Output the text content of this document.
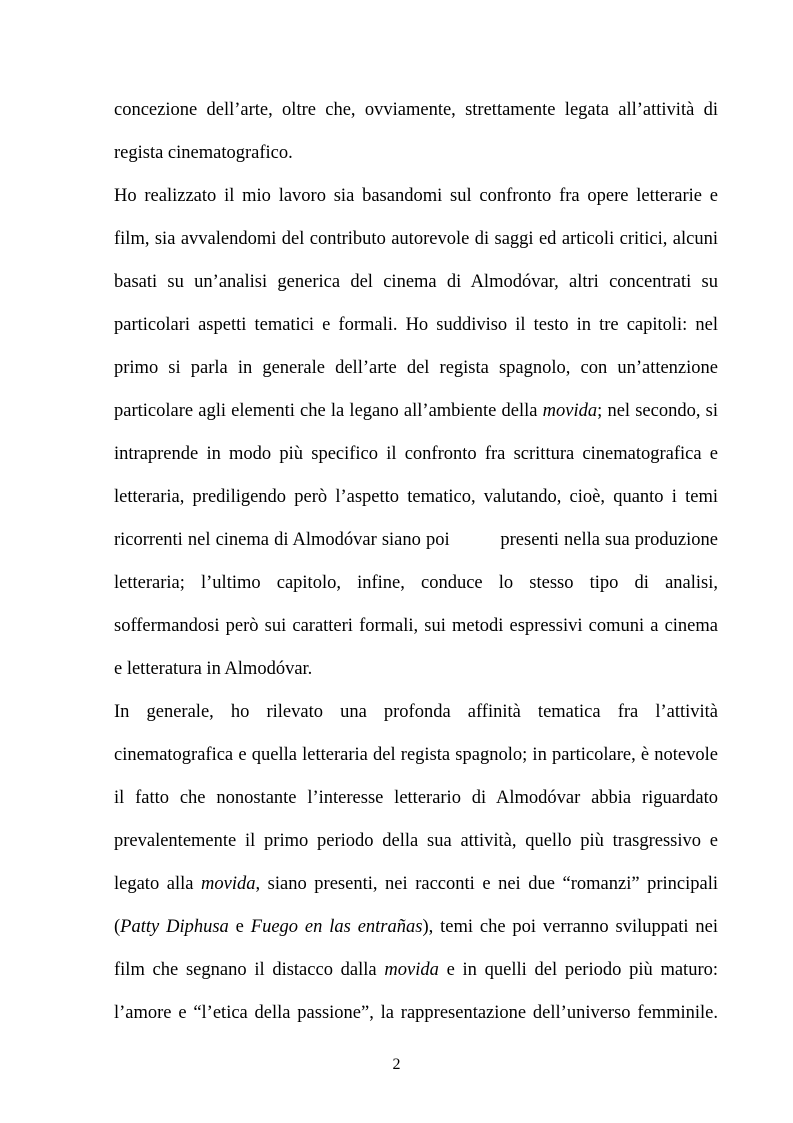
concezione dell’arte, oltre che, ovviamente, strettamente legata all’attività di
regista cinematografico.
Ho realizzato il mio lavoro sia basandomi sul confronto fra opere letterarie e
film, sia avvalendomi del contributo autorevole di saggi ed articoli critici, alcuni
basati su un’analisi generica del cinema di Almodóvar, altri concentrati su
particolari aspetti tematici e formali. Ho suddiviso il testo in tre capitoli: nel
primo si parla in generale dell’arte del regista spagnolo, con un’attenzione
particolare agli elementi che la legano all’ambiente della movida; nel secondo, si
intraprende in modo più specifico il confronto fra scrittura cinematografica e
letteraria, prediligendo però l’aspetto tematico, valutando, cioè, quanto i temi
ricorrenti nel cinema di Almodóvar siano poi          presenti nella sua produzione
letteraria; l’ultimo capitolo, infine, conduce lo stesso tipo di analisi,
soffermandosi però sui caratteri formali, sui metodi espressivi comuni a cinema
e letteratura in Almodóvar.
In generale, ho rilevato una profonda affinità tematica fra l’attività
cinematografica e quella letteraria del regista spagnolo; in particolare, è notevole
il fatto che nonostante l’interesse letterario di Almodóvar abbia riguardato
prevalentemente il primo periodo della sua attività, quello più trasgressivo e
legato alla movida, siano presenti, nei racconti e nei due “romanzi” principali
(Patty Diphusa e Fuego en las entrañas), temi che poi verranno sviluppati nei
film che segnano il distacco dalla movida e in quelli del periodo più maturo:
l’amore e “l’etica della passione”, la rappresentazione dell’universo femminile.
2
